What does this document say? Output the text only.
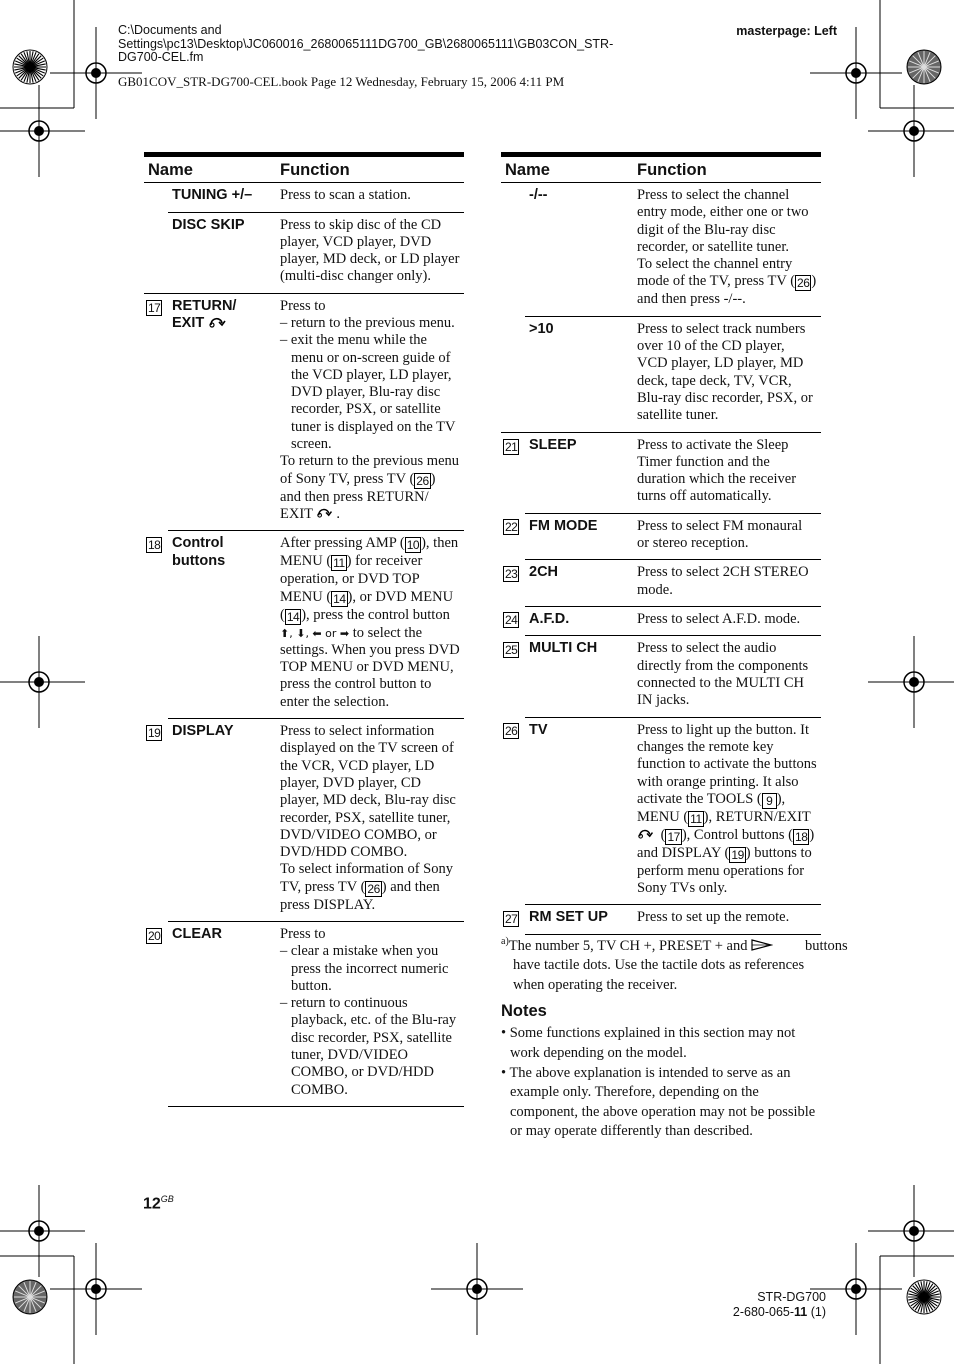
C:\Documents and
Settings\pc13\Desktop\JC060016_2680065111DG700_GB\2680065111\GB03CON_STR-
DG700-CEL.fm
GB01COV_STR-DG700-CEL.book Page 12 Wednesday, February 15, 2006 4:11 PM
masterpage: Left
Name		Function
	TUNING +/–	Press to scan a station.
	DISC SKIP	Press to skip disc of the CD player, VCD player, DVD player, MD deck, or LD player (multi-disc changer only).
17	RETURN/
EXIT	Press to
– return to the previous menu.
– exit the menu while the menu or on-screen guide of the VCD player, LD player, DVD player, Blu-ray disc recorder, PSX, or satellite tuner is displayed on the TV screen.
To return to the previous menu of Sony TV, press TV ( 26 ) and then press RETURN/ EXIT .
18	Control
buttons	After pressing AMP ( 10 ), then MENU ( 11 ) for receiver operation, or DVD TOP MENU ( 14 ), or DVD MENU ( 14 ), press the control button ⬆, ⬇, ⬅ or ➡ to select the settings. When you press DVD TOP MENU or DVD MENU, press the control button to enter the selection.
19	DISPLAY	Press to select information displayed on the TV screen of the VCR, VCD player, LD player, DVD player, CD player, MD deck, Blu-ray disc recorder, PSX, satellite tuner, DVD/VIDEO COMBO, or DVD/HDD COMBO.
To select information of Sony TV, press TV ( 26 ) and then press DISPLAY.
20	CLEAR	Press to
– clear a mistake when you press the incorrect numeric button.
– return to continuous playback, etc. of the Blu-ray disc recorder, PSX, satellite tuner, DVD/VIDEO COMBO, or DVD/HDD COMBO.
Name		Function
	-/--	Press to select the channel entry mode, either one or two digit of the Blu-ray disc recorder, or satellite tuner.
To select the channel entry mode of the TV, press TV ( 26 ) and then press -/--.
	>10	Press to select track numbers over 10 of the CD player, VCD player, LD player, MD deck, tape deck, TV, VCR, Blu-ray disc recorder, PSX, or satellite tuner.
21	SLEEP	Press to activate the Sleep Timer function and the duration which the receiver turns off automatically.
22	FM MODE	Press to select FM monaural or stereo reception.
23	2CH	Press to select 2CH STEREO mode.
24	A.F.D.	Press to select A.F.D. mode.
25	MULTI CH	Press to select the audio directly from the components connected to the MULTI CH IN jacks.
26	TV	Press to light up the button. It changes the remote key function to activate the buttons with orange printing. It also activate the TOOLS ( 9 ), MENU ( 11 ), RETURN/EXIT  ( 17 ), Control buttons ( 18 ) and DISPLAY ( 19 ) buttons to perform menu operations for Sony TVs only.
27	RM SET UP	Press to set up the remote.
$^{a)}$The number 5, TV CH +, PRESET + and	buttons have tactile dots. Use the tactile dots as references when operating the receiver.
Notes
• Some functions explained in this section may not work depending on the model.
• The above explanation is intended to serve as an example only. Therefore, depending on the component, the above operation may not be possible or may operate differently than described.
$12^{GB}$
STR-DG700
2-680-065-11 (1)
